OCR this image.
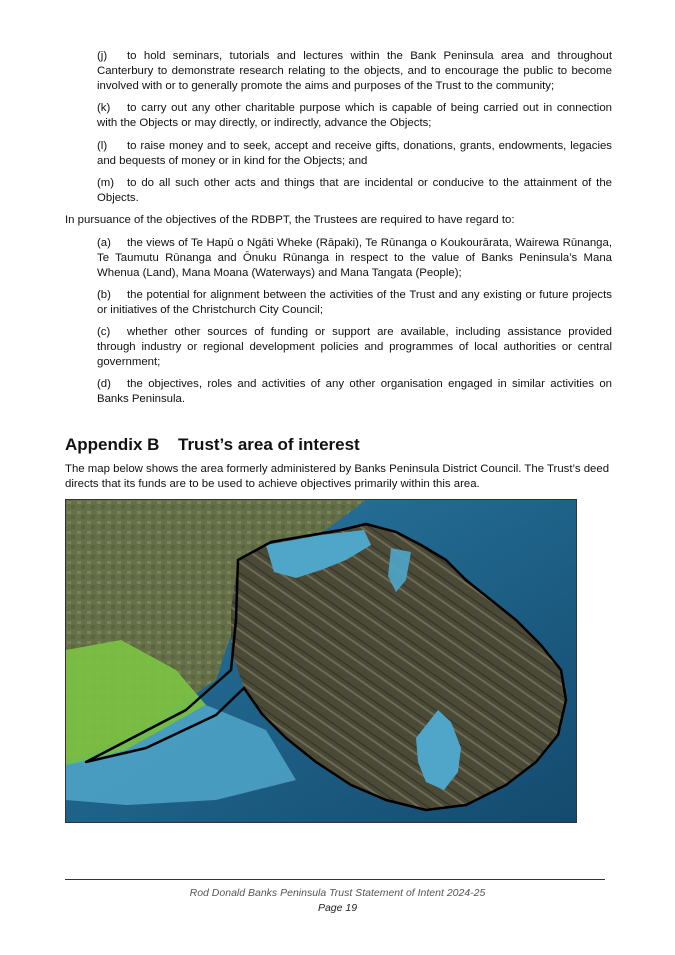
(j) to hold seminars, tutorials and lectures within the Bank Peninsula area and throughout Canterbury to demonstrate research relating to the objects, and to encourage the public to become involved with or to generally promote the aims and purposes of the Trust to the community;

(k) to carry out any other charitable purpose which is capable of being carried out in connection with the Objects or may directly, or indirectly, advance the Objects;

(l) to raise money and to seek, accept and receive gifts, donations, grants, endowments, legacies and bequests of money or in kind for the Objects; and

(m) to do all such other acts and things that are incidental or conducive to the attainment of the Objects.

In pursuance of the objectives of the RDBPT, the Trustees are required to have regard to:

(a) the views of Te Hapū o Ngāti Wheke (Rāpaki), Te Rūnanga o Koukourārata, Wairewa Rūnanga, Te Taumutu Rūnanga and Ōnuku Rūnanga in respect to the value of Banks Peninsula’s Mana Whenua (Land), Mana Moana (Waterways) and Mana Tangata (People);

(b) the potential for alignment between the activities of the Trust and any existing or future projects or initiatives of the Christchurch City Council;

(c) whether other sources of funding or support are available, including assistance provided through industry or regional development policies and programmes of local authorities or central government;

(d) the objectives, roles and activities of any other organisation engaged in similar activities on Banks Peninsula.

Appendix B Trust’s area of interest

The map below shows the area formerly administered by Banks Peninsula District Council. The Trust’s deed directs that its funds are to be used to achieve objectives primarily within this area.

Rod Donald Banks Peninsula Trust Statement of Intent 2024-25

Page 19
